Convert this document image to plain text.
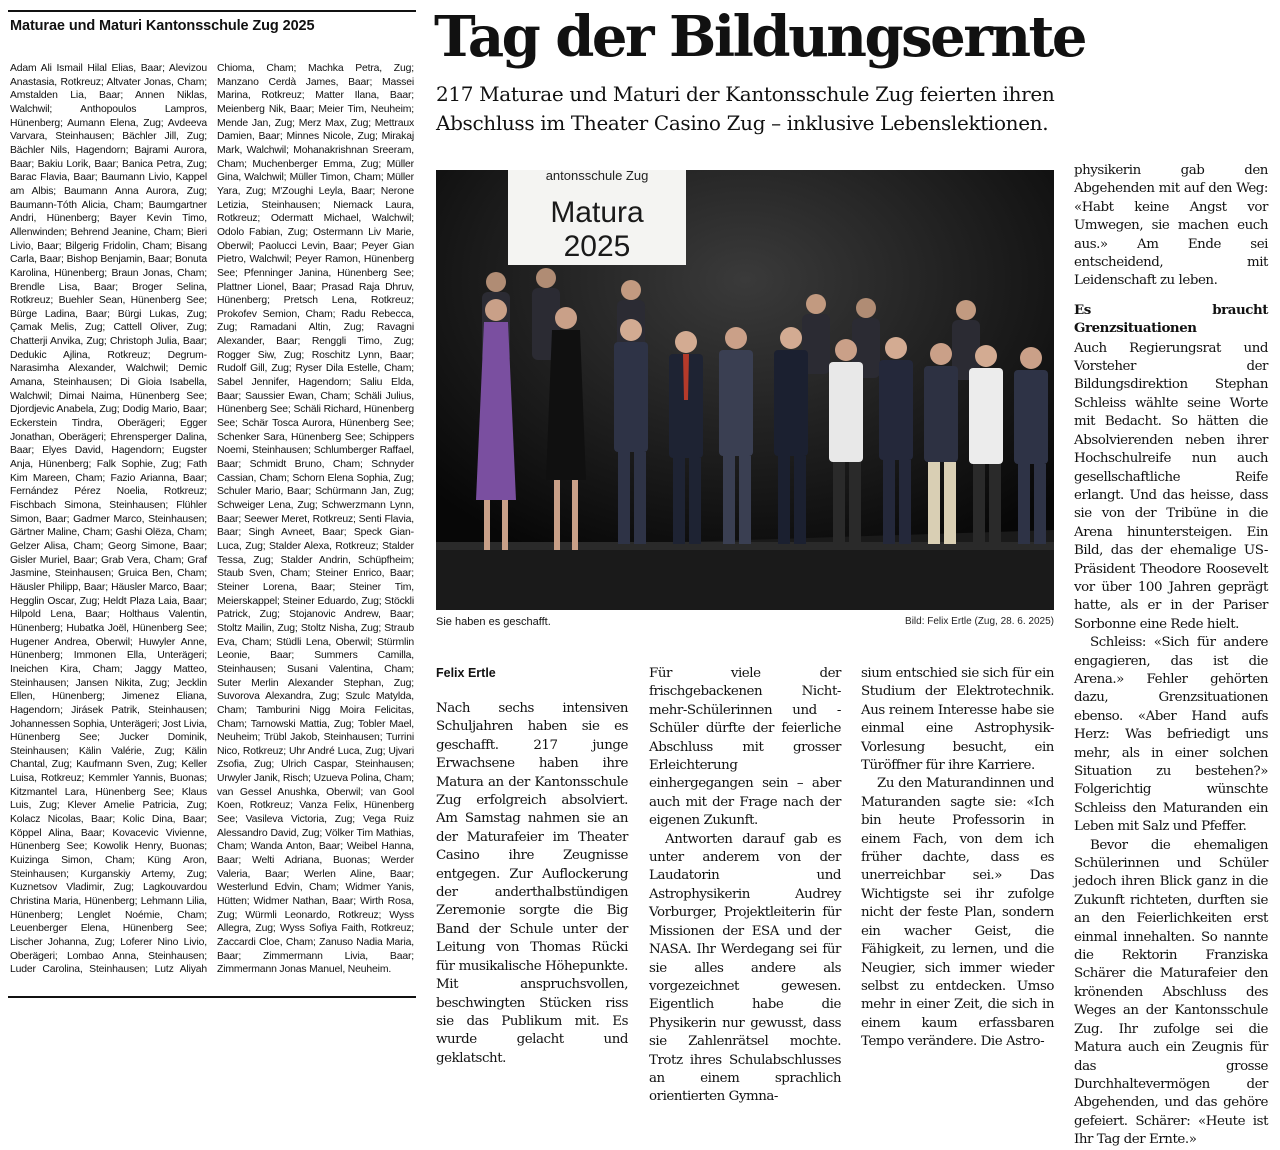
Maturae und Maturi Kantonsschule Zug 2025
Adam Ali Ismail Hilal Elias, Baar; Alevizou Anastasia, Rotkreuz; Altvater Jonas, Cham; Amstalden Lia, Baar; Annen Niklas, Walchwil; Anthopoulos Lampros, Hünenberg; Aumann Elena, Zug; Avdeeva Varvara, Steinhausen; Bächler Jill, Zug; Bächler Nils, Hagendorn; Bajrami Aurora, Baar; Bakiu Lorik, Baar; Banica Petra, Zug; Barac Flavia, Baar; Baumann Livio, Kappel am Albis; Baumann Anna Aurora, Zug; Baumann-Tóth Alicia, Cham; Baumgartner Andri, Hünenberg; Bayer Kevin Timo, Allenwinden; Behrend Jeanine, Cham; Bieri Livio, Baar; Bilgerig Fridolin, Cham; Bisang Carla, Baar; Bishop Benjamin, Baar; Bonuta Karolina, Hünenberg; Braun Jonas, Cham; Brendle Lisa, Baar; Broger Selina, Rotkreuz; Buehler Sean, Hünenberg See; Bürge Ladina, Baar; Bürgi Lukas, Zug; Çamak Melis, Zug; Cattell Oliver, Zug; Chatterji Anvika, Zug; Christoph Julia, Baar; Dedukic Ajlina, Rotkreuz; Degrum-Narasimha Alexander, Walchwil; Demic Amana, Steinhausen; Di Gioia Isabella, Walchwil; Dimai Naima, Hünenberg See; Djordjevic Anabela, Zug; Dodig Mario, Baar; Eckerstein Tindra, Oberägeri; Egger Jonathan, Oberägeri; Ehrensperger Dalina, Baar; Elyes David, Hagendorn; Eugster Anja, Hünenberg; Falk Sophie, Zug; Fath Kim Mareen, Cham; Fazio Arianna, Baar; Fernández Pérez Noelia, Rotkreuz; Fischbach Simona, Steinhausen; Flühler Simon, Baar; Gadmer Marco, Steinhausen; Gärtner Maline, Cham; Gashi Olëza, Cham; Gelzer Alisa, Cham; Georg Simone, Baar; Gisler Muriel, Baar; Grab Vera, Cham; Graf Jasmine, Steinhausen; Gruica Ben, Cham; Häusler Philipp, Baar; Häusler Marco, Baar; Hegglin Oscar, Zug; Heldt Plaza Laia, Baar; Hilpold Lena, Baar; Holthaus Valentin, Hünenberg; Hubatka Joël, Hünenberg See; Hugener Andrea, Oberwil; Huwyler Anne, Hünenberg; Immonen Ella, Unterägeri; Ineichen Kira, Cham; Jaggy Matteo, Steinhausen; Jansen Nikita, Zug; Jecklin Ellen, Hünenberg; Jimenez Eliana, Hagendorn; Jirásek Patrik, Steinhausen; Johannessen Sophia, Unterägeri; Jost Livia, Hünenberg See; Jucker Dominik, Steinhausen; Kälin Valérie, Zug; Kälin Chantal, Zug; Kaufmann Sven, Zug; Keller Luisa, Rotkreuz; Kemmler Yannis, Buonas; Kitzmantel Lara, Hünenberg See; Klaus Luis, Zug; Klever Amelie Patricia, Zug; Kolacz Nicolas, Baar; Kolic Dina, Baar; Köppel Alina, Baar; Kovacevic Vivienne, Hünenberg See; Kowolik Henry, Buonas; Kuizinga Simon, Cham; Küng Aron, Steinhausen; Kurganskiy Artemy, Zug; Kuznetsov Vladimir, Zug; Lagkouvardou Christina Maria, Hünenberg; Lehmann Lilia, Hünenberg; Lenglet Noémie, Cham; Leuenberger Elena, Hünenberg See; Lischer Johanna, Zug; Loferer Nino Livio, Oberägeri; Lombao Anna, Steinhausen; Luder Carolina, Steinhausen; Lutz Aliyah Chioma, Cham; Machka Petra, Zug; Manzano Cerdà James, Baar; Massei Marina, Rotkreuz; Matter Ilana, Baar; Meienberg Nik, Baar; Meier Tim, Neuheim; Mende Jan, Zug; Merz Max, Zug; Mettraux Damien, Baar; Minnes Nicole, Zug; Mirakaj Mark, Walchwil; Mohanakrishnan Sreeram, Cham; Muchenberger Emma, Zug; Müller Gina, Walchwil; Müller Timon, Cham; Müller Yara, Zug; M'Zoughi Leyla, Baar; Nerone Letizia, Steinhausen; Niemack Laura, Rotkreuz; Odermatt Michael, Walchwil; Odolo Fabian, Zug; Ostermann Liv Marie, Oberwil; Paolucci Levin, Baar; Peyer Gian Pietro, Walchwil; Peyer Ramon, Hünenberg See; Pfenninger Janina, Hünenberg See; Plattner Lionel, Baar; Prasad Raja Dhruv, Hünenberg; Pretsch Lena, Rotkreuz; Prokofev Semion, Cham; Radu Rebecca, Zug; Ramadani Altin, Zug; Ravagni Alexander, Baar; Renggli Timo, Zug; Rogger Siw, Zug; Roschitz Lynn, Baar; Rudolf Gill, Zug; Ryser Dila Estelle, Cham; Sabel Jennifer, Hagendorn; Saliu Elda, Baar; Saussier Ewan, Cham; Schäli Julius, Hünenberg See; Schäli Richard, Hünenberg See; Schär Tosca Aurora, Hünenberg See; Schenker Sara, Hünenberg See; Schippers Noemi, Steinhausen; Schlumberger Raffael, Baar; Schmidt Bruno, Cham; Schnyder Cassian, Cham; Schorn Elena Sophia, Zug; Schuler Mario, Baar; Schürmann Jan, Zug; Schweiger Lena, Zug; Schwerzmann Lynn, Baar; Seewer Meret, Rotkreuz; Senti Flavia, Baar; Singh Avneet, Baar; Speck Gian-Luca, Zug; Stalder Alexa, Rotkreuz; Stalder Tessa, Zug; Stalder Andrin, Schüpfheim; Staub Sven, Cham; Steiner Enrico, Baar; Steiner Lorena, Baar; Steiner Tim, Meierskappel; Steiner Eduardo, Zug; Stöckli Patrick, Zug; Stojanovic Andrew, Baar; Stoltz Mailin, Zug; Stoltz Nisha, Zug; Straub Eva, Cham; Stüdli Lena, Oberwil; Stürmlin Leonie, Baar; Summers Camilla, Steinhausen; Susani Valentina, Cham; Suter Merlin Alexander Stephan, Zug; Suvorova Alexandra, Zug; Szulc Matylda, Cham; Tamburini Nigg Moira Felicitas, Cham; Tarnowski Mattia, Zug; Tobler Mael, Neuheim; Trübl Jakob, Steinhausen; Turrini Nico, Rotkreuz; Uhr André Luca, Zug; Ujvari Zsofia, Zug; Ulrich Caspar, Steinhausen; Urwyler Janik, Risch; Uzueva Polina, Cham; van Gessel Anushka, Oberwil; van Gool Koen, Rotkreuz; Vanza Felix, Hünenberg See; Vasileva Victoria, Zug; Vega Ruiz Alessandro David, Zug; Völker Tim Mathias, Cham; Wanda Anton, Baar; Weibel Hanna, Baar; Welti Adriana, Buonas; Werder Valeria, Baar; Werlen Aline, Baar; Westerlund Edvin, Cham; Widmer Yanis, Hütten; Widmer Nathan, Baar; Wirth Rosa, Zug; Würmli Leonardo, Rotkreuz; Wyss Allegra, Zug; Wyss Sofiya Faith, Rotkreuz; Zaccardi Cloe, Cham; Zanuso Nadia Maria, Baar; Zimmermann Livia, Baar; Zimmermann Jonas Manuel, Neuheim.
Tag der Bildungsernte
217 Maturae und Maturi der Kantonsschule Zug feierten ihren Abschluss im Theater Casino Zug – inklusive Lebenslektionen.
antonsschule Zug
Matura
2025
Sie haben es geschafft.	Bild: Felix Ertle (Zug, 28. 6. 2025)
Felix Ertle

Nach sechs intensiven Schuljahren haben sie es geschafft. 217 junge Erwachsene haben ihre Matura an der Kantonsschule Zug erfolgreich absolviert. Am Samstag nahmen sie an der Maturafeier im Theater Casino ihre Zeugnisse entgegen. Zur Auflockerung der anderthalbstündigen Zeremonie sorgte die Big Band der Schule unter der Leitung von Thomas Rücki für musikalische Höhepunkte. Mit anspruchsvollen, beschwingten Stücken riss sie das Publikum mit. Es wurde gelacht und geklatscht.

Für viele der frischgebackenen Nicht-mehr-Schülerinnen und -Schüler dürfte der feierliche Abschluss mit grosser Erleichterung einhergegangen sein – aber auch mit der Frage nach der eigenen Zukunft.

Antworten darauf gab es unter anderem von der Laudatorin und Astrophysikerin Audrey Vorburger, Projektleiterin für Missionen der ESA und der NASA. Ihr Werdegang sei für sie alles andere als vorgezeichnet gewesen. Eigentlich habe die Physikerin nur gewusst, dass sie Zahlenrätsel mochte. Trotz ihres Schulabschlusses an einem sprachlich orientierten Gymna-

sium entschied sie sich für ein Studium der Elektrotechnik. Aus reinem Interesse habe sie einmal eine Astrophysik-Vorlesung besucht, ein Türöffner für ihre Karriere.

Zu den Maturandinnen und Maturanden sagte sie: «Ich bin heute Professorin in einem Fach, von dem ich früher dachte, dass es unerreichbar sei.» Das Wichtigste sei ihr zufolge nicht der feste Plan, sondern ein wacher Geist, die Fähigkeit, zu lernen, und die Neugier, sich immer wieder selbst zu entdecken. Umso mehr in einer Zeit, die sich in einem kaum erfassbaren Tempo verändere. Die Astro-

physikerin gab den Abgehenden mit auf den Weg: «Habt keine Angst vor Umwegen, sie machen euch aus.» Am Ende sei entscheidend, mit Leidenschaft zu leben.

Es braucht Grenzsituationen

Auch Regierungsrat und Vorsteher der Bildungsdirektion Stephan Schleiss wählte seine Worte mit Bedacht. So hätten die Absolvierenden neben ihrer Hochschulreife nun auch gesellschaftliche Reife erlangt. Und das heisse, dass sie von der Tribüne in die Arena hinuntersteigen. Ein Bild, das der ehemalige US-Präsident Theodore Roosevelt vor über 100 Jahren geprägt hatte, als er in der Pariser Sorbonne eine Rede hielt.

Schleiss: «Sich für andere engagieren, das ist die Arena.» Fehler gehörten dazu, Grenzsituationen ebenso. «Aber Hand aufs Herz: Was befriedigt uns mehr, als in einer solchen Situation zu bestehen?» Folgerichtig wünschte Schleiss den Maturanden ein Leben mit Salz und Pfeffer.

Bevor die ehemaligen Schülerinnen und Schüler jedoch ihren Blick ganz in die Zukunft richteten, durften sie an den Feierlichkeiten erst einmal innehalten. So nannte die Rektorin Franziska Schärer die Maturafeier den krönenden Abschluss des Weges an der Kantonsschule Zug. Ihr zufolge sei die Matura auch ein Zeugnis für das grosse Durchhaltevermögen der Abgehenden, und das gehöre gefeiert. Schärer: «Heute ist Ihr Tag der Ernte.»
